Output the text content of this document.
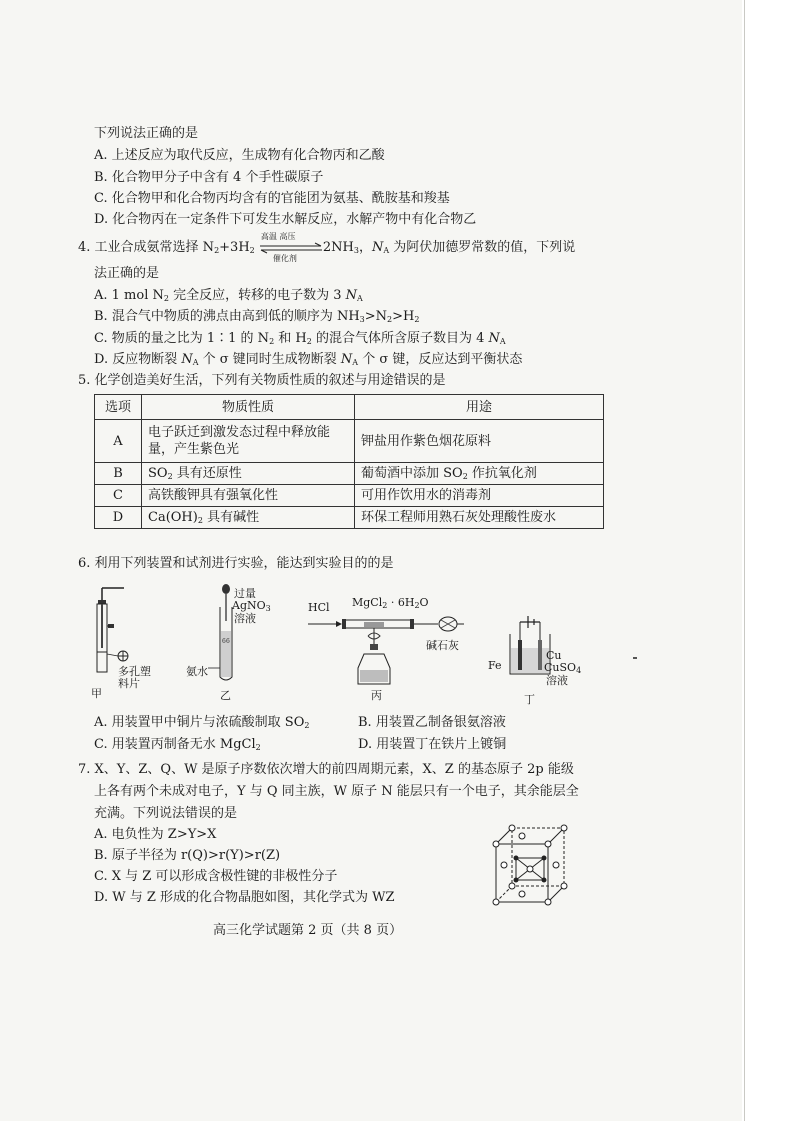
下列说法正确的是
A. 上述反应为取代反应，生成物有化合物丙和乙酸
B. 化合物甲分子中含有 4 个手性碳原子
C. 化合物甲和化合物丙均含有的官能团为氨基、酰胺基和羧基
D. 化合物丙在一定条件下可发生水解反应，水解产物中有化合物乙
4. 工业合成氨常选择 $N_2+3H_2$
高温 高压
催化剂
$2NH_3$，$N_A$ 为阿伏加德罗常数的值，下列说
法正确的是
A. 1 mol $N_2$ 完全反应，转移的电子数为 3 $N_A$
B. 混合气中物质的沸点由高到低的顺序为 $NH_3>N_2>H_2$
C. 物质的量之比为 1∶1 的 $N_2$ 和 $H_2$ 的混合气体所含原子数目为 4 $N_A$
D. 反应物断裂 $N_A$ 个 σ 键同时生成物断裂 $N_A$ 个 σ 键，反应达到平衡状态
5. 化学创造美好生活，下列有关物质性质的叙述与用途错误的是
选项	物质性质	用途
A	电子跃迁到激发态过程中释放能
量，产生紫色光	钾盐用作紫色烟花原料
B	$SO_2$ 具有还原性	葡萄酒中添加 $SO_2$ 作抗氧化剂
C	高铁酸钾具有强氧化性	可用作饮用水的消毒剂
D	$Ca(OH)_2$ 具有碱性	环保工程师用熟石灰处理酸性废水
6. 利用下列装置和试剂进行实验，能达到实验目的的是
多孔塑
料片
甲
6 6
过量
AgNO$_3$
溶液
氨水
乙
HCl MgCl$_2$ · $6H_2O$
碱石灰
丙
Fe
Cu
CuSO$_4$
溶液
丁
A. 用装置甲中铜片与浓硫酸制取 $SO_2$	B. 用装置乙制备银氨溶液
C. 用装置丙制备无水 MgCl$_2$	D. 用装置丁在铁片上镀铜
7. X、Y、Z、Q、W 是原子序数依次增大的前四周期元素，X、Z 的基态原子 2p 能级
上各有两个未成对电子，Y 与 Q 同主族，W 原子 N 能层只有一个电子，其余能层全
充满。下列说法错误的是
A. 电负性为 Z>Y>X
B. 原子半径为 r(Q)>r(Y)>r(Z)
C. X 与 Z 可以形成含极性键的非极性分子
D. W 与 Z 形成的化合物晶胞如图，其化学式为 WZ
高三化学试题第 2 页（共 8 页）
